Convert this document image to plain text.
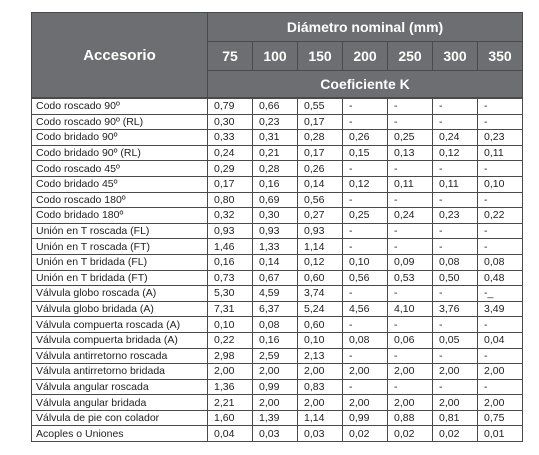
Accesorio	Diámetro nominal (mm)						
	75	100	150	200	250	300	350
	Coeficiente K						
Codo roscado 90º	0,79	0,66	0,55	-	-	-	-
Codo roscado 90º (RL)	0,30	0,23	0,17	-	-	-	-
Codo bridado 90º	0,33	0,31	0,28	0,26	0,25	0,24	0,23
Codo bridado 90º (RL)	0,24	0,21	0,17	0,15	0,13	0,12	0,11
Codo roscado 45º	0,29	0,28	0,26	-	-	-	-
Codo bridado 45º	0,17	0,16	0,14	0,12	0,11	0,11	0,10
Codo roscado 180º	0,80	0,69	0,56	-	-	-	-
Codo bridado 180º	0,32	0,30	0,27	0,25	0,24	0,23	0,22
Unión en T roscada (FL)	0,93	0,93	0,93	-	-	-	-
Unión en T roscada (FT)	1,46	1,33	1,14	-	-	-	-
Unión en T bridada (FL)	0,16	0,14	0,12	0,10	0,09	0,08	0,08
Unión en T bridada (FT)	0,73	0,67	0,60	0,56	0,53	0,50	0,48
Válvula globo roscada (A)	5,30	4,59	3,74	-	-	-	-_
Válvula globo bridada (A)	7,31	6,37	5,24	4,56	4,10	3,76	3,49
Válvula compuerta roscada (A)	0,10	0,08	0,60	-	-	-	-
Válvula compuerta bridada (A)	0,22	0,16	0,10	0,08	0,06	0,05	0,04
Válvula antirretorno roscada	2,98	2,59	2,13	-	-	-	-
Válvula antirretorno bridada	2,00	2,00	2,00	2,00	2,00	2,00	2,00
Válvula angular roscada	1,36	0,99	0,83	-	-	-	-
Válvula angular bridada	2,21	2,00	2,00	2,00	2,00	2,00	2,00
Válvula de pie con colador	1,60	1,39	1,14	0,99	0,88	0,81	0,75
Acoples o Uniones	0,04	0,03	0,03	0,02	0,02	0,02	0,01
